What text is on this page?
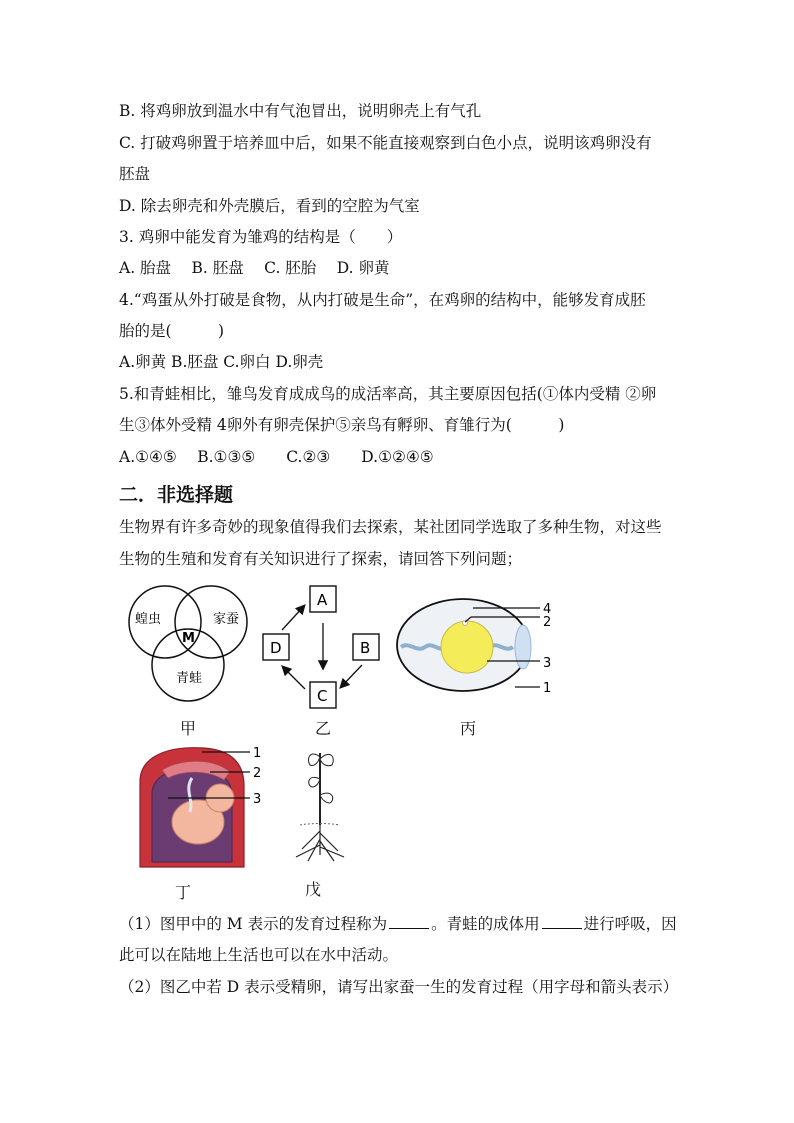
B. 将鸡卵放到温水中有气泡冒出，说明卵壳上有气孔
C. 打破鸡卵置于培养皿中后，如果不能直接观察到白色小点，说明该鸡卵没有
胚盘
D. 除去卵壳和外壳膜后，看到的空腔为气室
3. 鸡卵中能发育为雏鸡的结构是（　　）
A. 胎盘　 B. 胚盘　 C. 胚胎　 D. 卵黄
4.“鸡蛋从外打破是食物，从内打破是生命”，在鸡卵的结构中，能够发育成胚
胎的是(　　　)
A.卵黄 B.胚盘 C.卵白 D.卵壳
5.和青蛙相比，雏鸟发育成成鸟的成活率高，其主要原因包括(①体内受精 ②卵
生③体外受精 4卵外有卵壳保护⑤亲鸟有孵卵、育雏行为(　　　)
A.①④⑤　 B.①③⑤　　C.②③　　D.①②④⑤
二．非选择题
生物界有许多奇妙的现象值得我们去探索，某社团同学选取了多种生物，对这些
生物的生殖和发育有关知识进行了探索，请回答下列问题；
蝗虫	家蚕
M
青蛙
甲
A
B
C
D
乙
4
2
3
1
丙
1
2
3
丁	戊
（1）图甲中的 M 表示的发育过程称为	。青蛙的成体用	进行呼吸，因
此可以在陆地上生活也可以在水中活动。
（2）图乙中若 D 表示受精卵，请写出家蚕一生的发育过程（用字母和箭头表示）
